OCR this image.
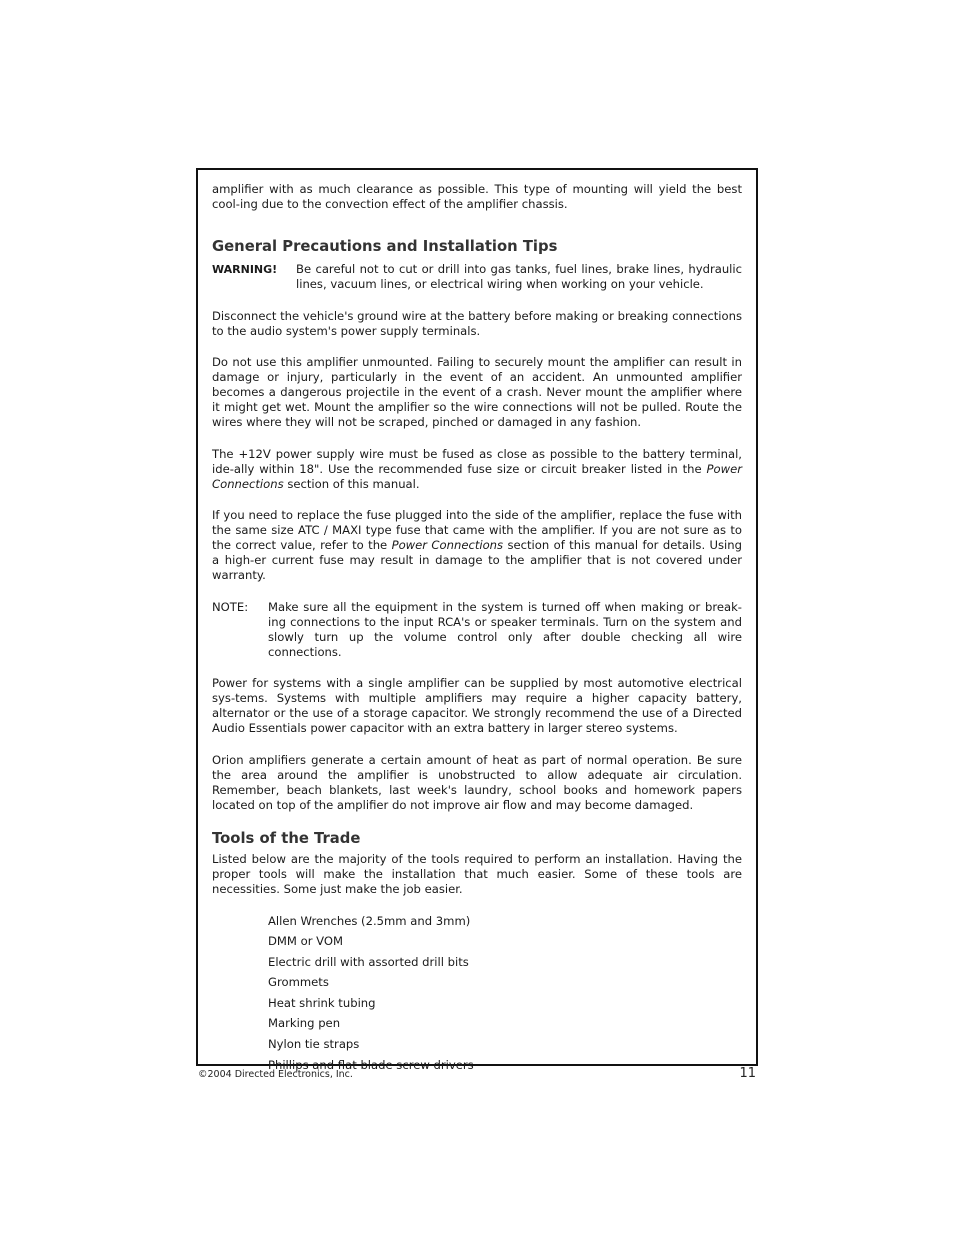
amplifier with as much clearance as possible. This type of mounting will yield the best cool-ing due to the convection effect of the amplifier chassis.

General Precautions and Installation Tips
WARNING!	Be careful not to cut or drill into gas tanks, fuel lines, brake lines, hydraulic lines, vacuum lines, or electrical wiring when working on your vehicle.

Disconnect the vehicle's ground wire at the battery before making or breaking connections to the audio system's power supply terminals.

Do not use this amplifier unmounted. Failing to securely mount the amplifier can result in damage or injury, particularly in the event of an accident. An unmounted amplifier becomes a dangerous projectile in the event of a crash. Never mount the amplifier where it might get wet. Mount the amplifier so the wire connections will not be pulled. Route the wires where they will not be scraped, pinched or damaged in any fashion.

The +12V power supply wire must be fused as close as possible to the battery terminal, ide-ally within 18". Use the recommended fuse size or circuit breaker listed in the Power Connections section of this manual.

If you need to replace the fuse plugged into the side of the amplifier, replace the fuse with the same size ATC / MAXI type fuse that came with the amplifier. If you are not sure as to the correct value, refer to the Power Connections section of this manual for details. Using a high-er current fuse may result in damage to the amplifier that is not covered under warranty.

NOTE:	Make sure all the equipment in the system is turned off when making or break-ing connections to the input RCA's or speaker terminals. Turn on the system and slowly turn up the volume control only after double checking all wire connections.

Power for systems with a single amplifier can be supplied by most automotive electrical sys-tems. Systems with multiple amplifiers may require a higher capacity battery, alternator or the use of a storage capacitor. We strongly recommend the use of a Directed Audio Essentials power capacitor with an extra battery in larger stereo systems.

Orion amplifiers generate a certain amount of heat as part of normal operation. Be sure the area around the amplifier is unobstructed to allow adequate air circulation. Remember, beach blankets, last week's laundry, school books and homework papers located on top of the amplifier do not improve air flow and may become damaged.

Tools of the Trade

Listed below are the majority of the tools required to perform an installation. Having the proper tools will make the installation that much easier. Some of these tools are necessities. Some just make the job easier.

Allen Wrenches (2.5mm and 3mm)
DMM or VOM
Electric drill with assorted drill bits
Grommets
Heat shrink tubing
Marking pen
Nylon tie straps
Phillips and flat blade screw drivers
©2004 Directed Electronics, Inc.	11
